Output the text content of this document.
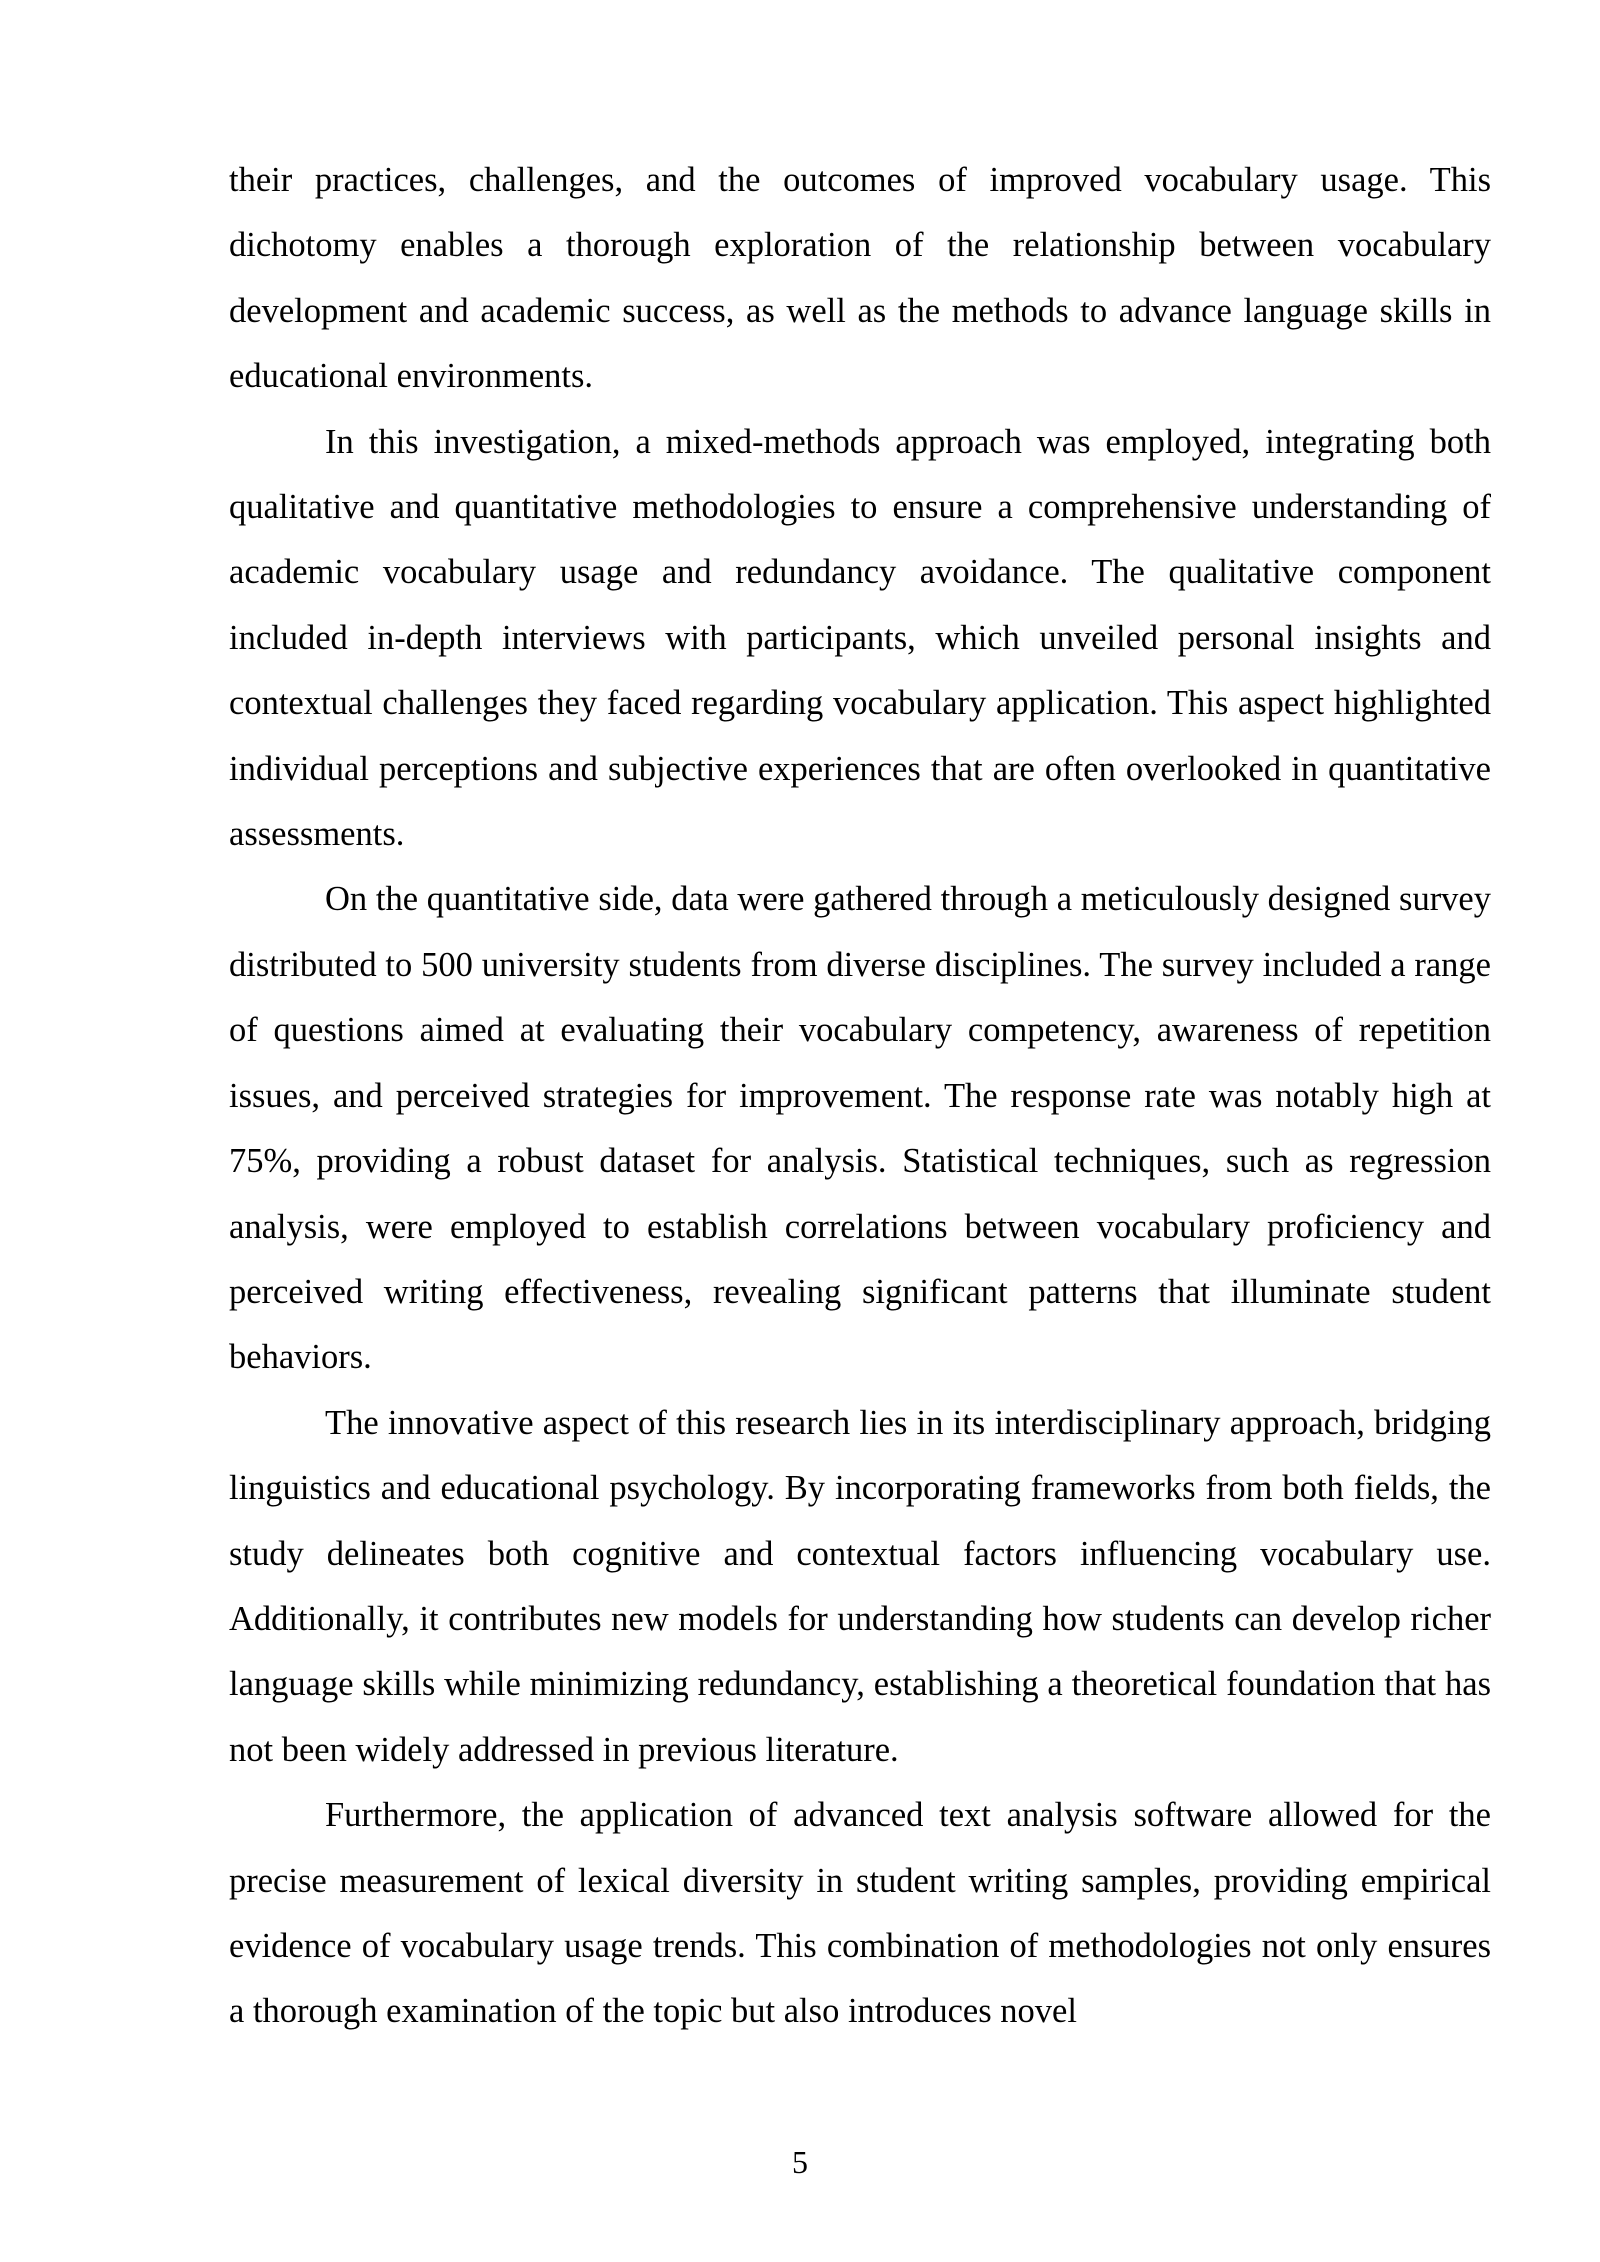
their practices, challenges, and the outcomes of improved vocabulary usage. This dichotomy enables a thorough exploration of the relationship between vocabulary development and academic success, as well as the methods to advance language skills in educational environments.

In this investigation, a mixed-methods approach was employed, integrating both qualitative and quantitative methodologies to ensure a comprehensive understanding of academic vocabulary usage and redundancy avoidance. The qualitative component included in-depth interviews with participants, which unveiled personal insights and contextual challenges they faced regarding vocabulary application. This aspect highlighted individual perceptions and subjective experiences that are often overlooked in quantitative assessments.

On the quantitative side, data were gathered through a meticulously designed survey distributed to 500 university students from diverse disciplines. The survey included a range of questions aimed at evaluating their vocabulary competency, awareness of repetition issues, and perceived strategies for improvement. The response rate was notably high at 75%, providing a robust dataset for analysis. Statistical techniques, such as regression analysis, were employed to establish correlations between vocabulary proficiency and perceived writing effectiveness, revealing significant patterns that illuminate student behaviors.

The innovative aspect of this research lies in its interdisciplinary approach, bridging linguistics and educational psychology. By incorporating frameworks from both fields, the study delineates both cognitive and contextual factors influencing vocabulary use. Additionally, it contributes new models for understanding how students can develop richer language skills while minimizing redundancy, establishing a theoretical foundation that has not been widely addressed in previous literature.

Furthermore, the application of advanced text analysis software allowed for the precise measurement of lexical diversity in student writing samples, providing empirical evidence of vocabulary usage trends. This combination of methodologies not only ensures a thorough examination of the topic but also introduces novel

5
